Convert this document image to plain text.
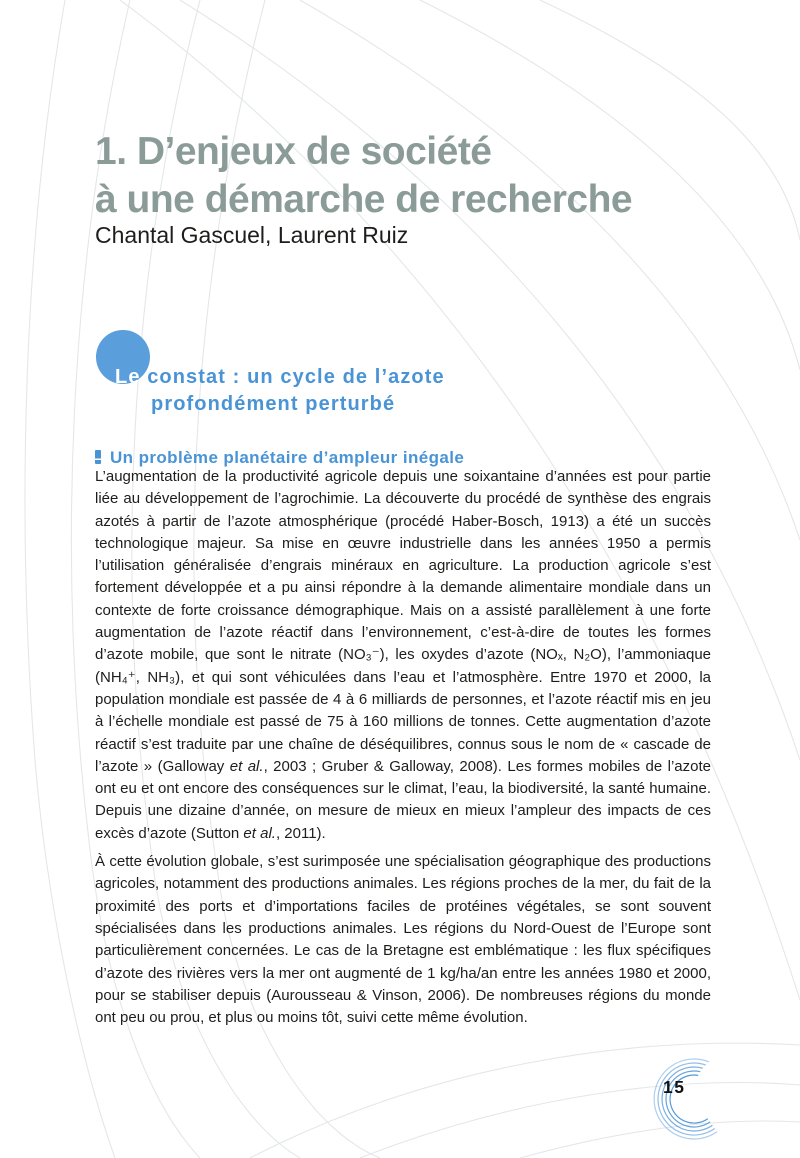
1. D’enjeux de société
à une démarche de recherche
Chantal Gascuel, Laurent Ruiz
Le constat : un cycle de l’azote
profondément perturbé
Un problème planétaire d’ampleur inégale

L’augmentation de la productivité agricole depuis une soixantaine d’années est pour partie liée au développement de l’agrochimie. La découverte du procédé de synthèse des engrais azotés à partir de l’azote atmosphérique (procédé Haber-Bosch, 1913) a été un succès technologique majeur. Sa mise en œuvre industrielle dans les années 1950 a permis l’utilisation généralisée d’engrais minéraux en agriculture. La production agricole s’est fortement développée et a pu ainsi répondre à la demande alimentaire mondiale dans un contexte de forte croissance démographique. Mais on a assisté parallèlement à une forte augmentation de l’azote réactif dans l’environnement, c’est-à-dire de toutes les formes d’azote mobile, que sont le nitrate (NO₃⁻), les oxydes d’azote (NOₓ, N₂O), l’ammoniaque (NH₄⁺, NH₃), et qui sont véhiculées dans l’eau et l’atmosphère. Entre 1970 et 2000, la population mondiale est passée de 4 à 6 milliards de personnes, et l’azote réactif mis en jeu à l’échelle mondiale est passé de 75 à 160 millions de tonnes. Cette augmentation d’azote réactif s’est traduite par une chaîne de déséquilibres, connus sous le nom de « cascade de l’azote » (Galloway et al., 2003 ; Gruber & Galloway, 2008). Les formes mobiles de l’azote ont eu et ont encore des conséquences sur le climat, l’eau, la biodiversité, la santé humaine. Depuis une dizaine d’année, on mesure de mieux en mieux l’ampleur des impacts de ces excès d’azote (Sutton et al., 2011).

À cette évolution globale, s’est surimposée une spécialisation géographique des productions agricoles, notamment des productions animales. Les régions proches de la mer, du fait de la proximité des ports et d’importations faciles de protéines végétales, se sont souvent spécialisées dans les productions animales. Les régions du Nord-Ouest de l’Europe sont particulièrement concernées. Le cas de la Bretagne est emblématique : les flux spécifiques d’azote des rivières vers la mer ont augmenté de 1 kg/ha/an entre les années 1980 et 2000, pour se stabiliser depuis (Aurousseau & Vinson, 2006). De nombreuses régions du monde ont peu ou prou, et plus ou moins tôt, suivi cette même évolution.

15
